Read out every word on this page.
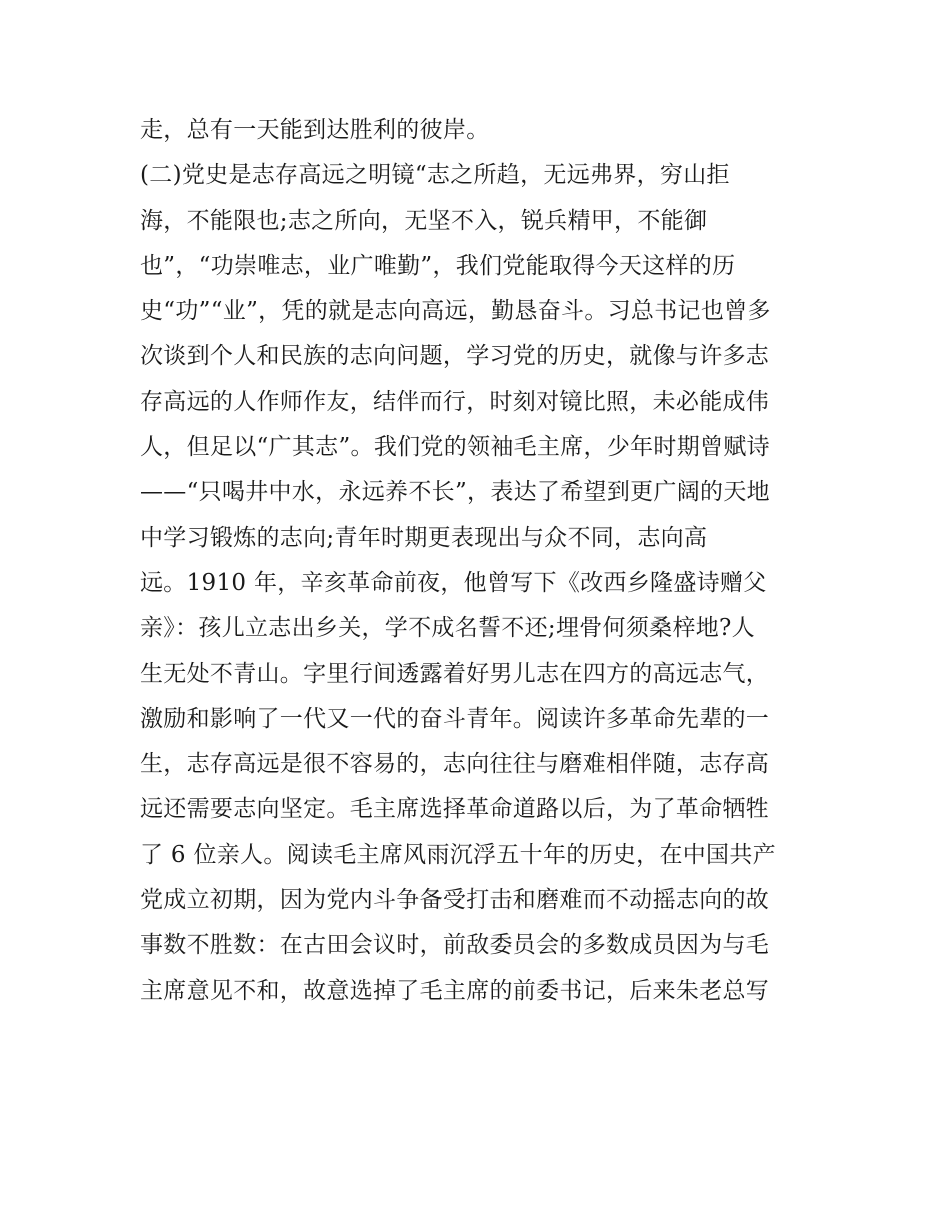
走，总有一天能到达胜利的彼岸。
(二)党史是志存高远之明镜“志之所趋，无远弗界，穷山拒
海，不能限也;志之所向，无坚不入，锐兵精甲，不能御
也”，“功崇唯志，业广唯勤”，我们党能取得今天这样的历
史“功”“业”，凭的就是志向高远，勤恳奋斗。习总书记也曾多
次谈到个人和民族的志向问题，学习党的历史，就像与许多志
存高远的人作师作友，结伴而行，时刻对镜比照，未必能成伟
人，但足以“广其志”。我们党的领袖毛主席，少年时期曾赋诗
——“只喝井中水，永远养不长”，表达了希望到更广阔的天地
中学习锻炼的志向;青年时期更表现出与众不同，志向高
远。1910 年，辛亥革命前夜，他曾写下《改西乡隆盛诗赠父
亲》：孩儿立志出乡关，学不成名誓不还;埋骨何须桑梓地?人
生无处不青山。字里行间透露着好男儿志在四方的高远志气，
激励和影响了一代又一代的奋斗青年。阅读许多革命先辈的一
生，志存高远是很不容易的，志向往往与磨难相伴随，志存高
远还需要志向坚定。毛主席选择革命道路以后，为了革命牺牲
了 6 位亲人。阅读毛主席风雨沉浮五十年的历史，在中国共产
党成立初期，因为党内斗争备受打击和磨难而不动摇志向的故
事数不胜数：在古田会议时，前敌委员会的多数成员因为与毛
主席意见不和，故意选掉了毛主席的前委书记，后来朱老总写
